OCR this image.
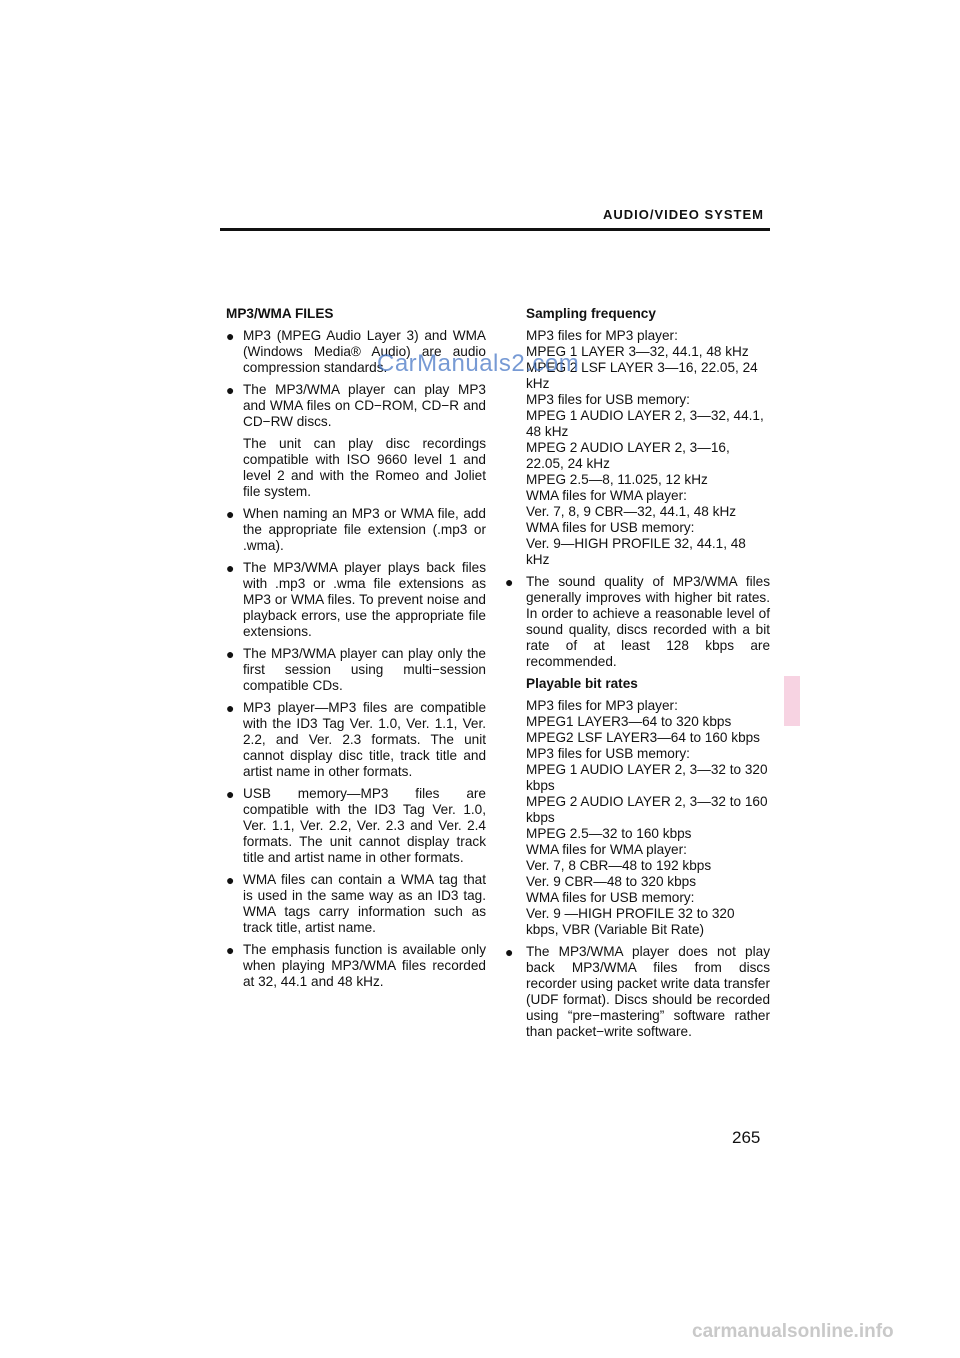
AUDIO/VIDEO SYSTEM
MP3/WMA FILES
● MP3 (MPEG Audio Layer 3) and WMA (Windows Media® Audio) are audio compression standards.
● The MP3/WMA player can play MP3 and WMA files on CD−ROM, CD−R and CD−RW discs.
The unit can play disc recordings compatible with ISO 9660 level 1 and level 2 and with the Romeo and Joliet file system.
● When naming an MP3 or WMA file, add the appropriate file extension (.mp3 or .wma).
● The MP3/WMA player plays back files with .mp3 or .wma file extensions as MP3 or WMA files. To prevent noise and playback errors, use the appropriate file extensions.
● The MP3/WMA player can play only the first session using multi−session compatible CDs.
● MP3 player—MP3 files are compatible with the ID3 Tag Ver. 1.0, Ver. 1.1, Ver. 2.2, and Ver. 2.3 formats. The unit cannot display disc title, track title and artist name in other formats.
● USB memory—MP3 files are compatible with the ID3 Tag Ver. 1.0, Ver. 1.1, Ver. 2.2, Ver. 2.3 and Ver. 2.4 formats. The unit cannot display track title and artist name in other formats.
● WMA files can contain a WMA tag that is used in the same way as an ID3 tag. WMA tags carry information such as track title, artist name.
● The emphasis function is available only when playing MP3/WMA files recorded at 32, 44.1 and 48 kHz.
Sampling frequency
MP3 files for MP3 player:
MPEG 1 LAYER 3—32, 44.1, 48 kHz
MPEG 2 LSF LAYER 3—16, 22.05, 24 kHz
MP3 files for USB memory:
MPEG 1 AUDIO LAYER 2, 3—32, 44.1, 48 kHz
MPEG 2 AUDIO LAYER 2, 3—16, 22.05, 24 kHz
MPEG 2.5—8, 11.025, 12 kHz
WMA files for WMA player:
Ver. 7, 8, 9 CBR—32, 44.1, 48 kHz
WMA files for USB memory:
Ver. 9—HIGH PROFILE 32, 44.1, 48 kHz
● The sound quality of MP3/WMA files generally improves with higher bit rates. In order to achieve a reasonable level of sound quality, discs recorded with a bit rate of at least 128 kbps are recommended.
Playable bit rates
MP3 files for MP3 player:
MPEG1 LAYER3—64 to 320 kbps
MPEG2 LSF LAYER3—64 to 160 kbps
MP3 files for USB memory:
MPEG 1 AUDIO LAYER 2, 3—32 to 320 kbps
MPEG 2 AUDIO LAYER 2, 3—32 to 160 kbps
MPEG 2.5—32 to 160 kbps
WMA files for WMA player:
Ver. 7, 8 CBR—48 to 192 kbps
Ver. 9 CBR—48 to 320 kbps
WMA files for USB memory:
Ver. 9 —HIGH PROFILE 32 to 320 kbps, VBR (Variable Bit Rate)
● The MP3/WMA player does not play back MP3/WMA files from discs recorder using packet write data transfer (UDF format). Discs should be recorded using “pre−mastering” software rather than packet−write software.
CarManuals2.com
265
carmanualsonline.info
